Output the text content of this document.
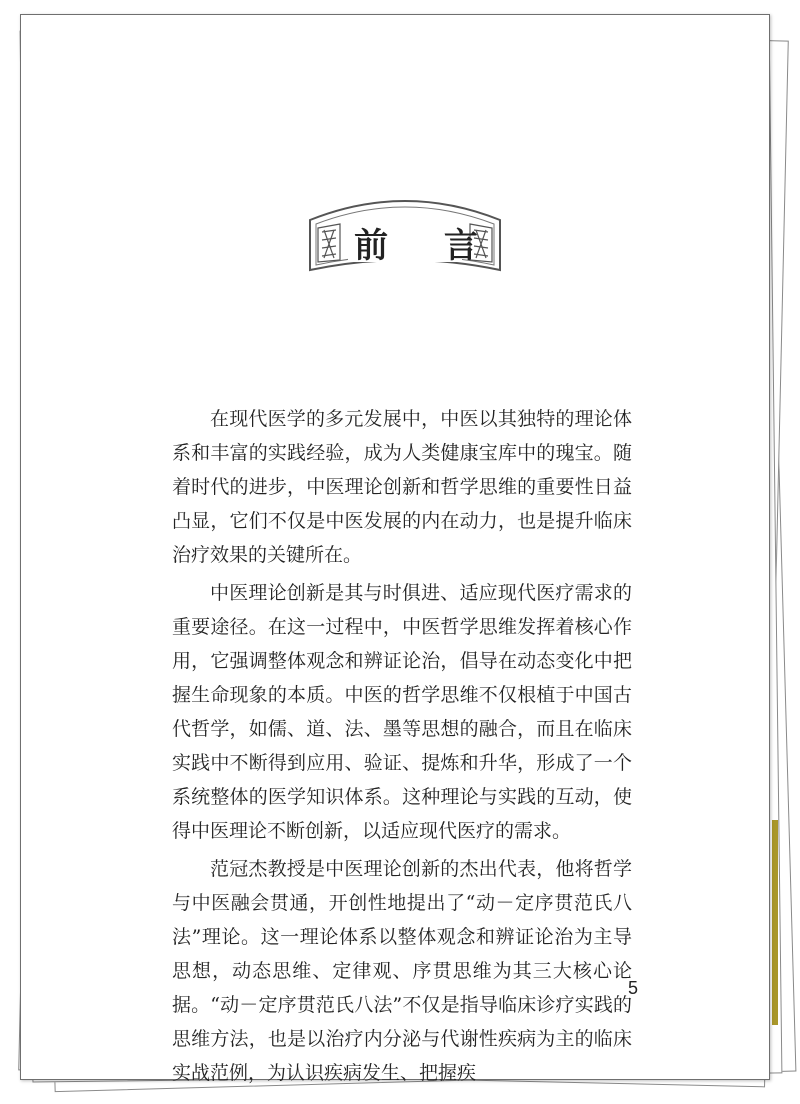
前 言

在现代医学的多元发展中，中医以其独特的理论体系和丰富的实践经验，成为人类健康宝库中的瑰宝。随着时代的进步，中医理论创新和哲学思维的重要性日益凸显，它们不仅是中医发展的内在动力，也是提升临床治疗效果的关键所在。

中医理论创新是其与时俱进、适应现代医疗需求的重要途径。在这一过程中，中医哲学思维发挥着核心作用，它强调整体观念和辨证论治，倡导在动态变化中把握生命现象的本质。中医的哲学思维不仅根植于中国古代哲学，如儒、道、法、墨等思想的融合，而且在临床实践中不断得到应用、验证、提炼和升华，形成了一个系统整体的医学知识体系。这种理论与实践的互动，使得中医理论不断创新，以适应现代医疗的需求。

范冠杰教授是中医理论创新的杰出代表，他将哲学与中医融会贯通，开创性地提出了“动－定序贯范氏八法”理论。这一理论体系以整体观念和辨证论治为主导思想，动态思维、定律观、序贯思维为其三大核心论据。“动－定序贯范氏八法”不仅是指导临床诊疗实践的思维方法，也是以治疗内分泌与代谢性疾病为主的临床实战范例，为认识疾病发生、把握疾

5
